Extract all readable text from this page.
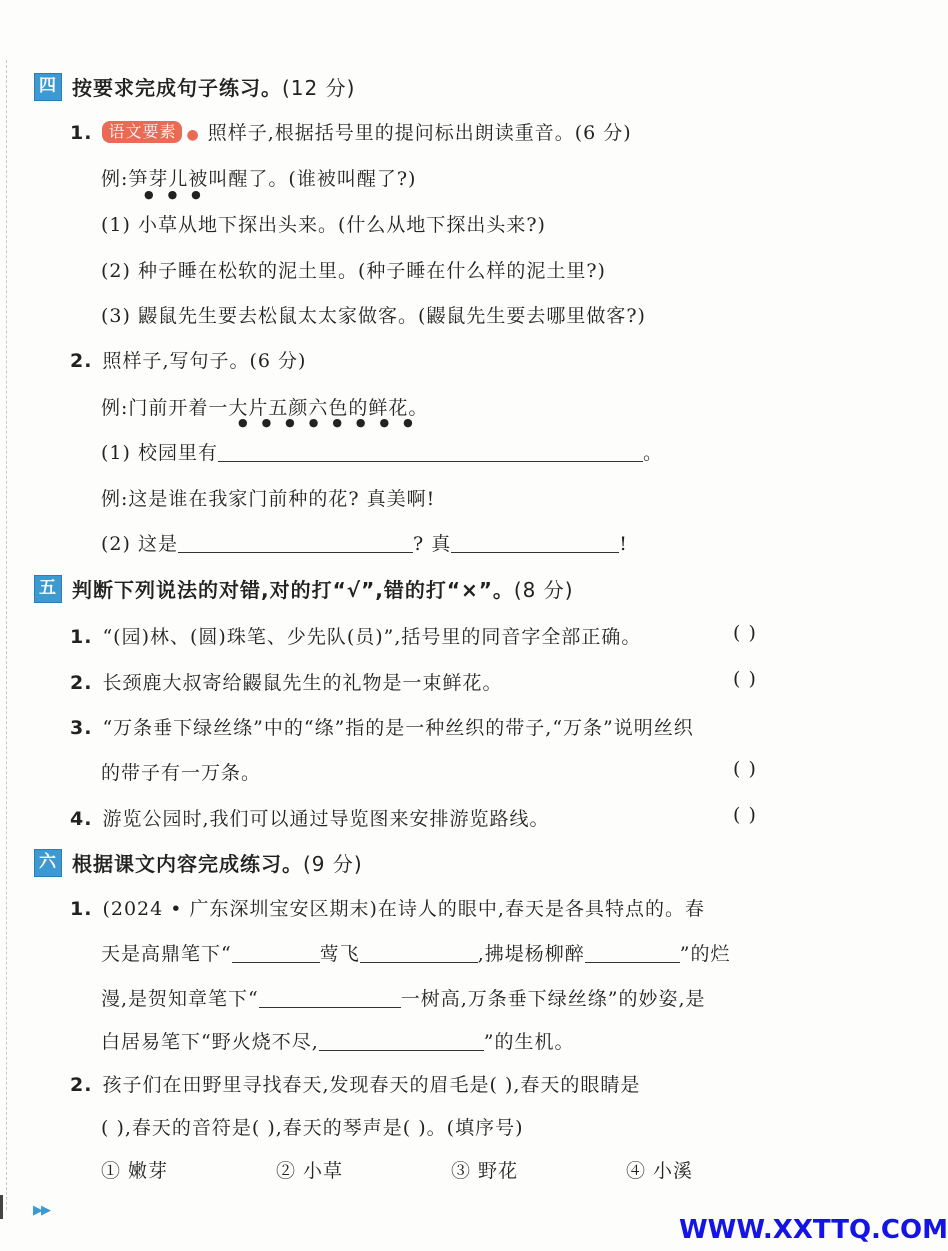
四 按要求完成句子练习。 (12 分)
1. 语文要素 ● 照样子,根据括号里的提问标出朗读重音。(6 分)
例:笋芽儿被叫醒了。(谁被叫醒了?)
●    ●    ●
(1) 小草从地下探出头来。(什么从地下探出头来?)
(2) 种子睡在松软的泥土里。(种子睡在什么样的泥土里?)
(3) 鼹鼠先生要去松鼠太太家做客。(鼹鼠先生要去哪里做客?)
2. 照样子,写句子。(6 分)
例:门前开着一大片五颜六色的鲜花。
●    ●    ●    ●    ●    ●    ●    ●
(1) 校园里有	。
例:这是谁在我家门前种的花? 真美啊!
(2) 这是	? 真	!
五 判断下列说法的对错,对的打“√”,错的打“×”。 (8 分)
1. “(园)林、(圆)珠笔、少先队(员)”,括号里的同音字全部正确。	( )
2. 长颈鹿大叔寄给鼹鼠先生的礼物是一束鲜花。	( )
3. “万条垂下绿丝绦”中的“绦”指的是一种丝织的带子,“万条”说明丝织
的带子有一万条。	( )
4. 游览公园时,我们可以通过导览图来安排游览路线。	( )
六 根据课文内容完成练习。 (9 分)
1. (2024 • 广东深圳宝安区期末)在诗人的眼中,春天是各具特点的。春
天是高鼎笔下“	莺飞	,拂堤杨柳醉	”的烂
漫,是贺知章笔下“	一树高,万条垂下绿丝绦”的妙姿,是
白居易笔下“野火烧不尽,	”的生机。
2. 孩子们在田野里寻找春天,发现春天的眉毛是( ),春天的眼睛是
( ),春天的音符是( ),春天的琴声是( )。(填序号)
① 嫩芽	② 小草	③ 野花	④ 小溪
▶▶
WWW.XXTTQ.COM
